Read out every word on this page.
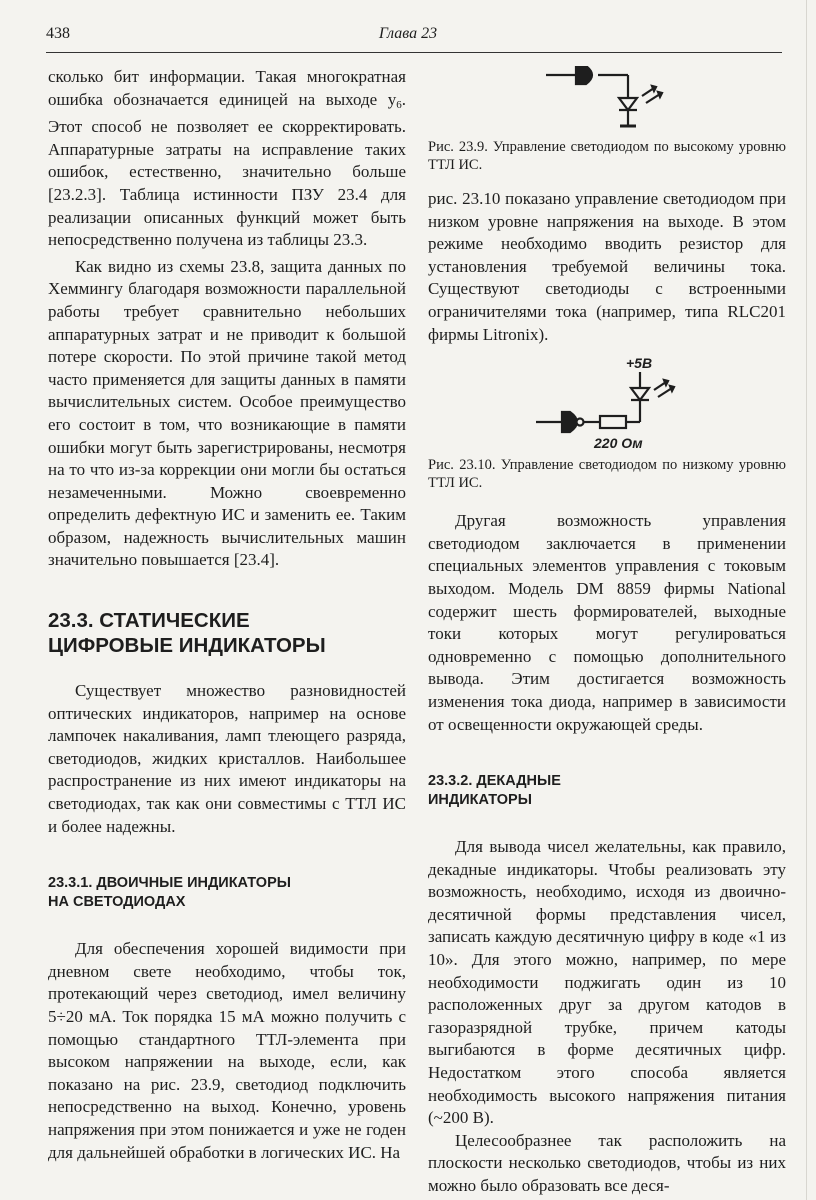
438	Глава 23

сколько бит информации. Такая многократная ошибка обозначается единицей на выходе $y_6$. Этот способ не позволяет ее скорректировать. Аппаратурные затраты на исправление таких ошибок, естественно, значительно больше [23.2.3]. Таблица истинности ПЗУ 23.4 для реализации описанных функций может быть непосредственно получена из таблицы 23.3.

Как видно из схемы 23.8, защита данных по Хеммингу благодаря возможности параллельной работы требует сравнительно небольших аппаратурных затрат и не приводит к большой потере скорости. По этой причине такой метод часто применяется для защиты данных в памяти вычислительных систем. Особое преимущество его состоит в том, что возникающие в памяти ошибки могут быть зарегистрированы, несмотря на то что из-за коррекции они могли бы остаться незамеченными. Можно своевременно определить дефектную ИС и заменить ее. Таким образом, надежность вычислительных машин значительно повышается [23.4].

23.3. СТАТИЧЕСКИЕ
ЦИФРОВЫЕ ИНДИКАТОРЫ

Существует множество разновидностей оптических индикаторов, например на основе лампочек накаливания, ламп тлеющего разряда, светодиодов, жидких кристаллов. Наибольшее распространение из них имеют индикаторы на светодиодах, так как они совместимы с ТТЛ ИС и более надежны.

23.3.1. ДВОИЧНЫЕ ИНДИКАТОРЫ
НА СВЕТОДИОДАХ

Для обеспечения хорошей видимости при дневном свете необходимо, чтобы ток, протекающий через светодиод, имел величину 5÷20 мА. Ток порядка 15 мА можно получить с помощью стандартного ТТЛ-элемента при высоком напряжении на выходе, если, как показано на рис. 23.9, светодиод подключить непосредственно на выход. Конечно, уровень напряжения при этом понижается и уже не годен для дальнейшей обработки в логических ИС. На

Рис. 23.9. Управление светодиодом по высокому уровню ТТЛ ИС.

рис. 23.10 показано управление светодиодом при низком уровне напряжения на выходе. В этом режиме необходимо вводить резистор для установления требуемой величины тока. Существуют светодиоды с встроенными ограничителями тока (например, типа RLC201 фирмы Litronix).

+5В
220 Ом

Рис. 23.10. Управление светодиодом по низкому уровню ТТЛ ИС.

Другая возможность управления светодиодом заключается в применении специальных элементов управления с токовым выходом. Модель DM 8859 фирмы National содержит шесть формирователей, выходные токи которых могут регулироваться одновременно с помощью дополнительного вывода. Этим достигается возможность изменения тока диода, например в зависимости от освещенности окружающей среды.

23.3.2. ДЕКАДНЫЕ
ИНДИКАТОРЫ

Для вывода чисел желательны, как правило, декадные индикаторы. Чтобы реализовать эту возможность, необходимо, исходя из двоично-десятичной формы представления чисел, записать каждую десятичную цифру в коде «1 из 10». Для этого можно, например, по мере необходимости поджигать один из 10 расположенных друг за другом катодов в газоразрядной трубке, причем катоды выгибаются в форме десятичных цифр. Недостатком этого способа является необходимость высокого напряжения питания (~200 В).

Целесообразнее так расположить на плоскости несколько светодиодов, чтобы из них можно было образовать все деся-
